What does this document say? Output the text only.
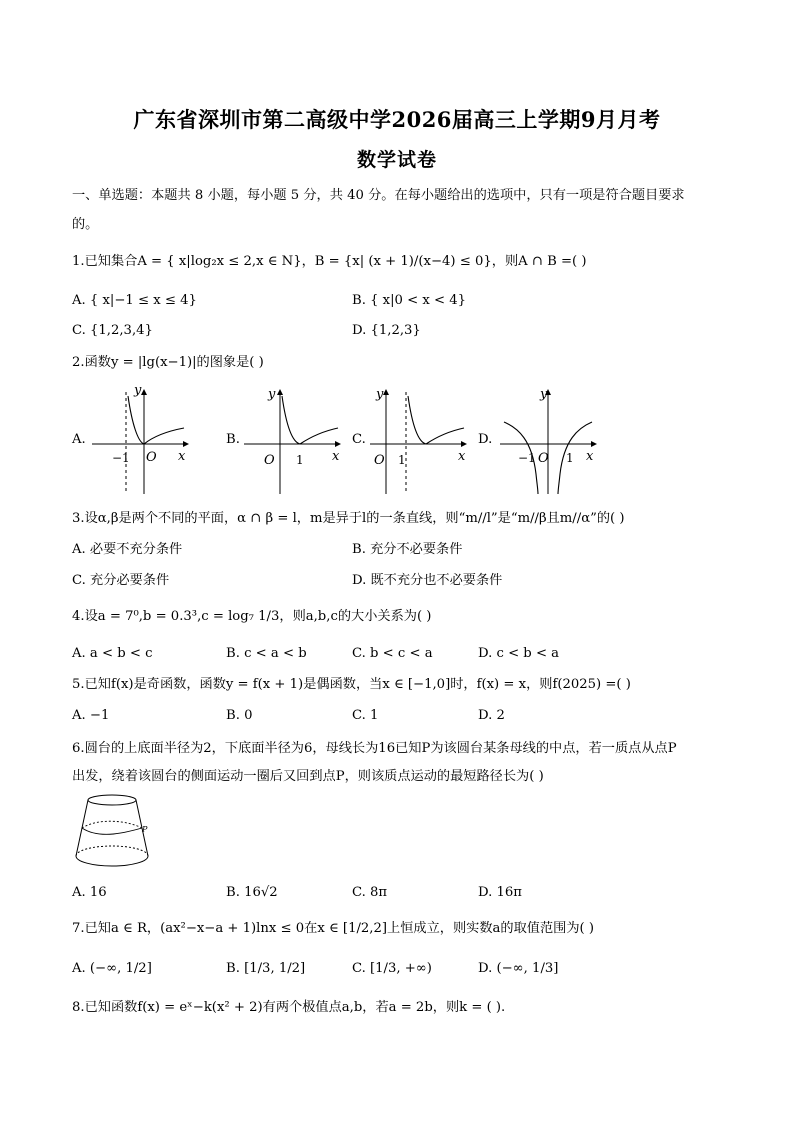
广东省深圳市第二高级中学2026届高三上学期9月月考
数学试卷
一、单选题：本题共 8 小题，每小题 5 分，共 40 分。在每小题给出的选项中，只有一项是符合题目要求
的。
1.已知集合A = { x|log₂x ≤ 2,x ∈ N}，B = {x| (x + 1)/(x−4) ≤ 0}，则A ∩ B =( )
A. { x|−1 ≤ x ≤ 4}	B. { x|0 < x < 4}
C. {1,2,3,4}	D. {1,2,3}
2.函数y = |lg(x−1)|的图象是( )
A.	B.	C.	D.
y
x
−1 O
y
x
O 1
y
x
O 1
y
x
−1 O 1
3.设α,β是两个不同的平面，α ∩ β = l，m是异于l的一条直线，则“m//l”是“m//β且m//α”的( )
A. 必要不充分条件	B. 充分不必要条件
C. 充分必要条件	D. 既不充分也不必要条件
4.设a = 7⁰,b = 0.3³,c = log₇ 1/3，则a,b,c的大小关系为( )
A. a < b < c	B. c < a < b	C. b < c < a	D. c < b < a
5.已知f(x)是奇函数，函数y = f(x + 1)是偶函数，当x ∈ [−1,0]时，f(x) = x，则f(2025) =( )
A. −1	B. 0	C. 1	D. 2
6.圆台的上底面半径为2，下底面半径为6，母线长为16已知P为该圆台某条母线的中点，若一质点从点P
出发，绕着该圆台的侧面运动一圈后又回到点P，则该质点运动的最短路径长为( )
P
A. 16	B. 16√2	C. 8π	D. 16π
7.已知a ∈ R，(ax²−x−a + 1)lnx ≤ 0在x ∈ [1/2,2]上恒成立，则实数a的取值范围为( )
A. (−∞, 1/2]	B. [1/3, 1/2]	C. [1/3, +∞)	D. (−∞, 1/3]
8.已知函数f(x) = eˣ−k(x² + 2)有两个极值点a,b，若a = 2b，则k = ( ).
